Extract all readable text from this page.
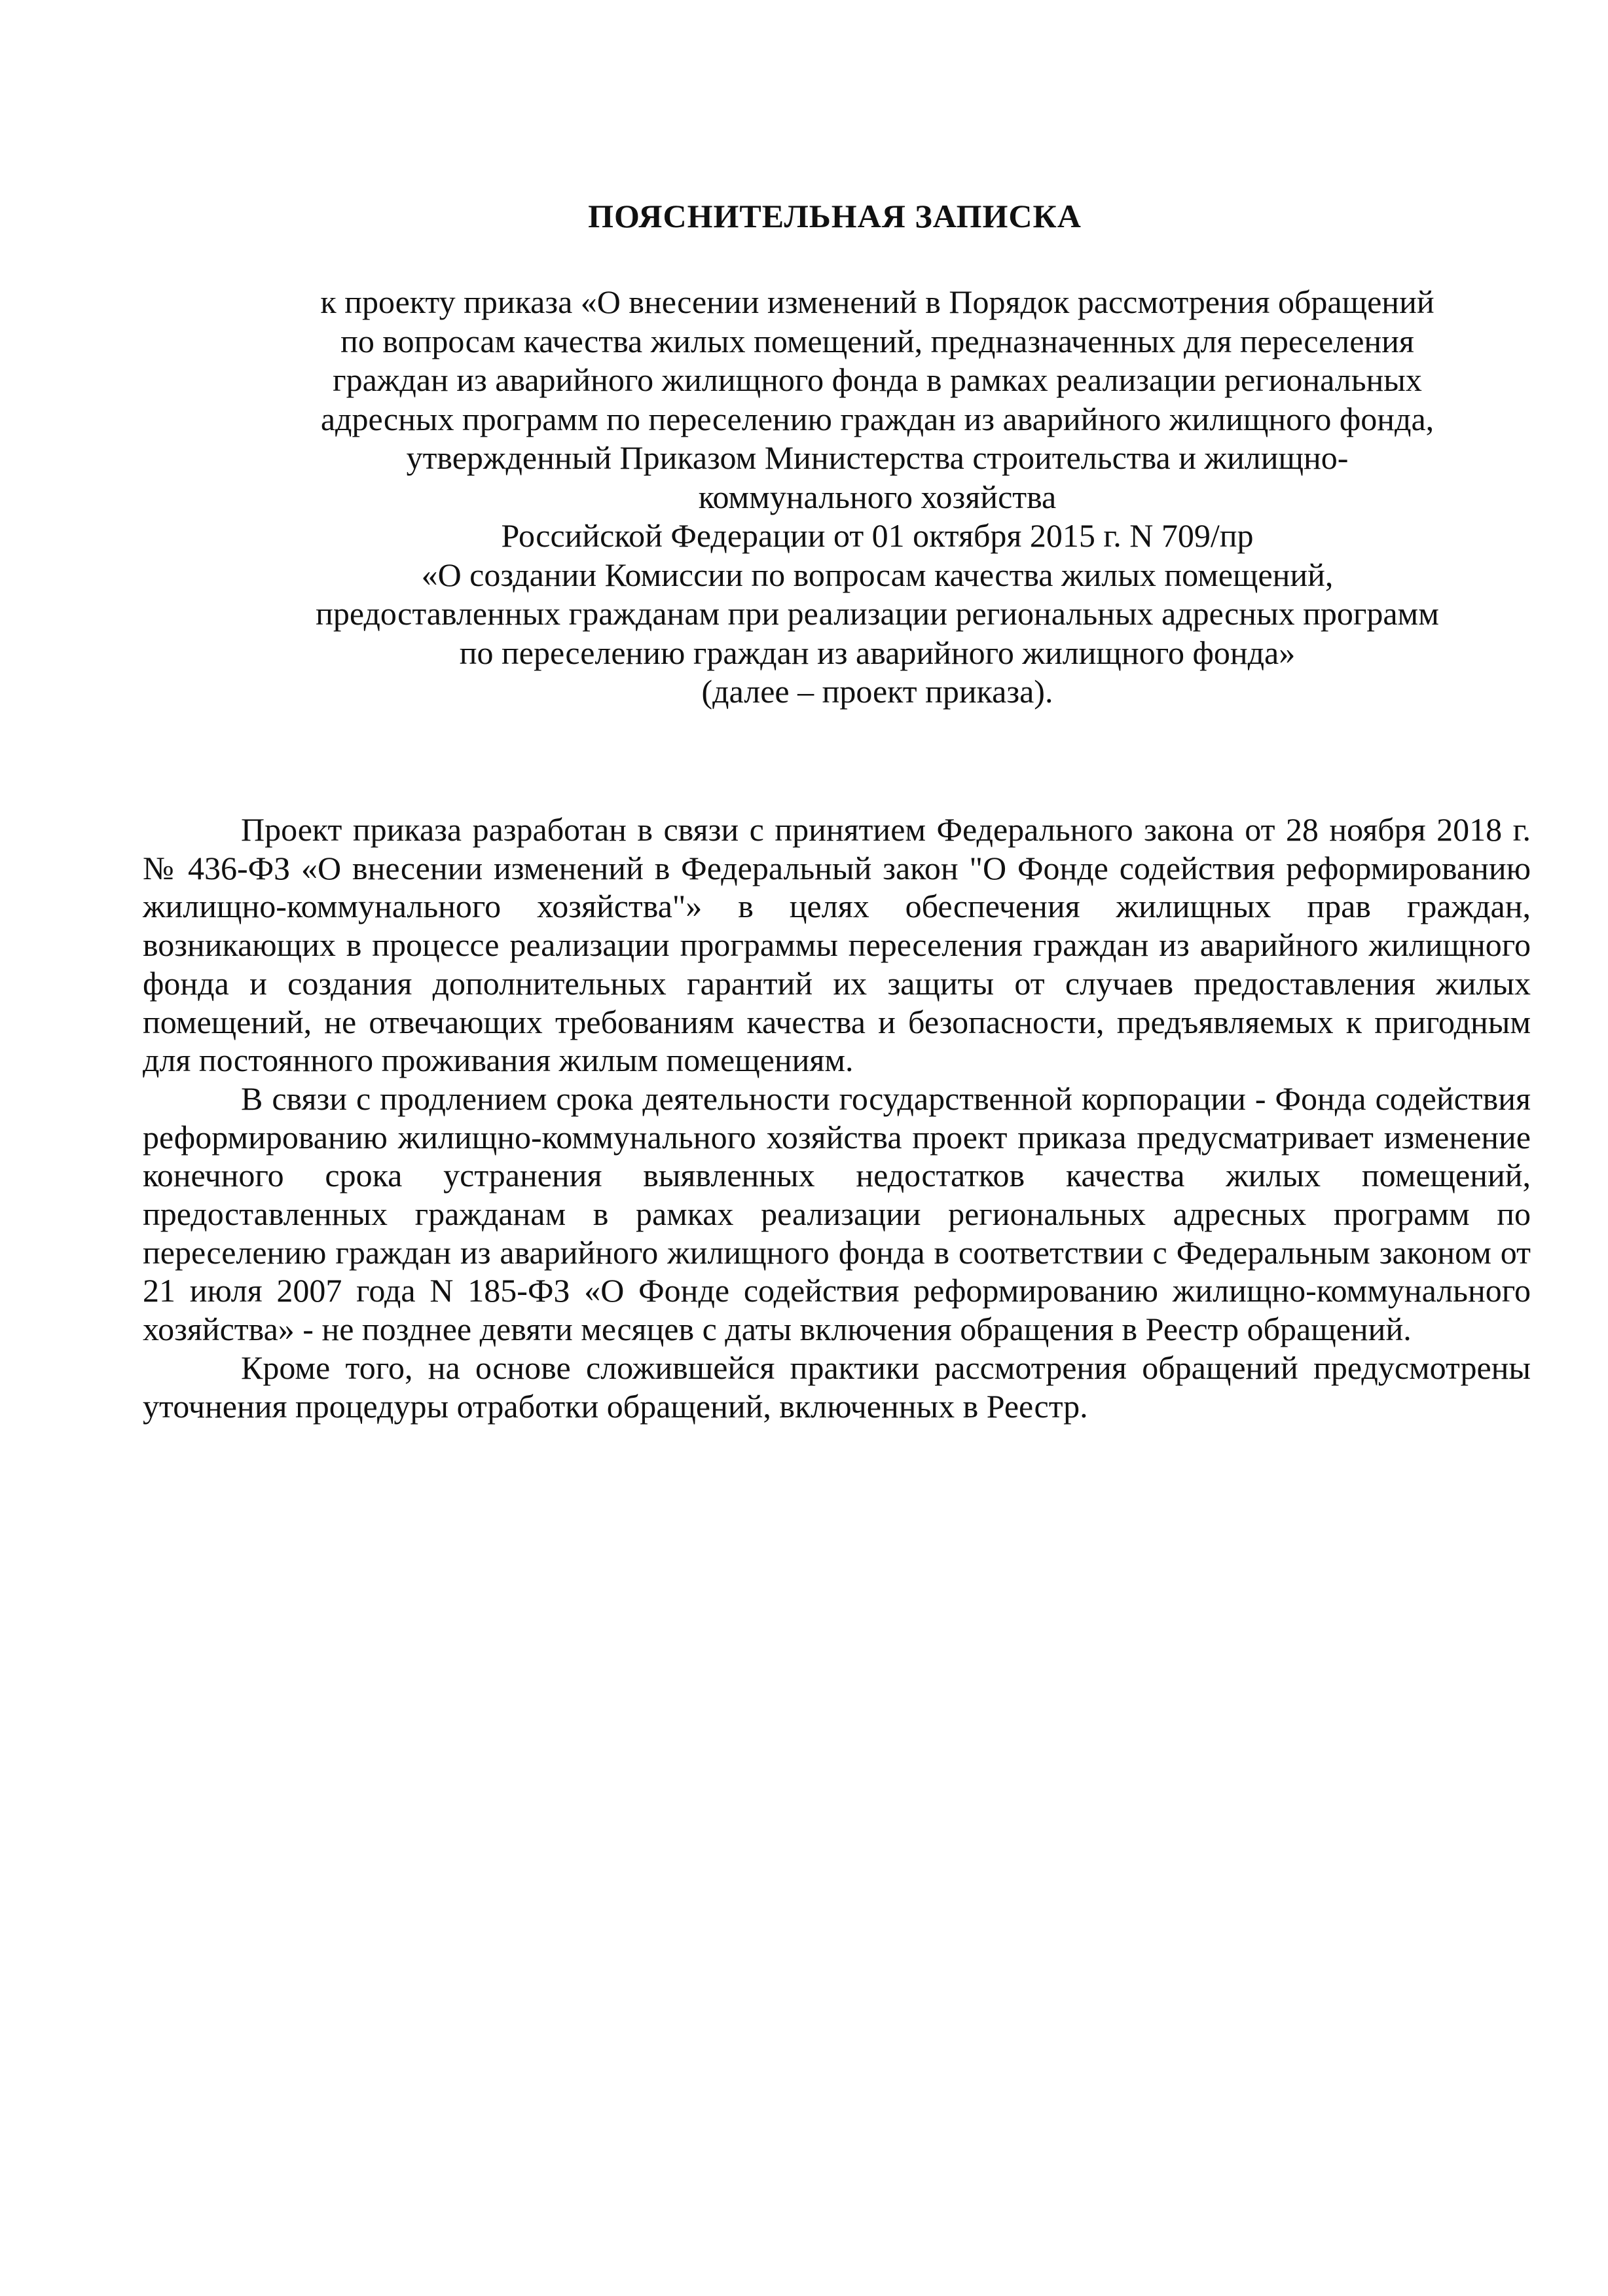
ПОЯСНИТЕЛЬНАЯ ЗАПИСКА
к проекту приказа «О внесении изменений в Порядок рассмотрения обращений
по вопросам качества жилых помещений, предназначенных для переселения
граждан из аварийного жилищного фонда в рамках реализации региональных
адресных программ по переселению граждан из аварийного жилищного фонда,
утвержденный Приказом Министерства строительства и жилищно-
коммунального хозяйства
Российской Федерации от 01 октября 2015 г. N 709/пр
«О создании Комиссии по вопросам качества жилых помещений,
предоставленных гражданам при реализации региональных адресных программ
по переселению граждан из аварийного жилищного фонда»
(далее – проект приказа).

Проект приказа разработан в связи с принятием Федерального закона от 28 ноября 2018 г. № 436-ФЗ «О внесении изменений в Федеральный закон "О Фонде содействия реформированию жилищно-коммунального хозяйства"» в целях обеспечения жилищных прав граждан, возникающих в процессе реализации программы переселения граждан из аварийного жилищного фонда и создания дополнительных гарантий их защиты от случаев предоставления жилых помещений, не отвечающих требованиям качества и безопасности, предъявляемых к пригодным для постоянного проживания жилым помещениям.

В связи с продлением срока деятельности государственной корпорации - Фонда содействия реформированию жилищно-коммунального хозяйства проект приказа предусматривает изменение конечного срока устранения выявленных недостатков качества жилых помещений, предоставленных гражданам в рамках реализации региональных адресных программ по переселению граждан из аварийного жилищного фонда в соответствии с Федеральным законом от 21 июля 2007 года N 185-ФЗ «О Фонде содействия реформированию жилищно-коммунального хозяйства» - не позднее девяти месяцев с даты включения обращения в Реестр обращений.

Кроме того, на основе сложившейся практики рассмотрения обращений предусмотрены уточнения процедуры отработки обращений, включенных в Реестр.
